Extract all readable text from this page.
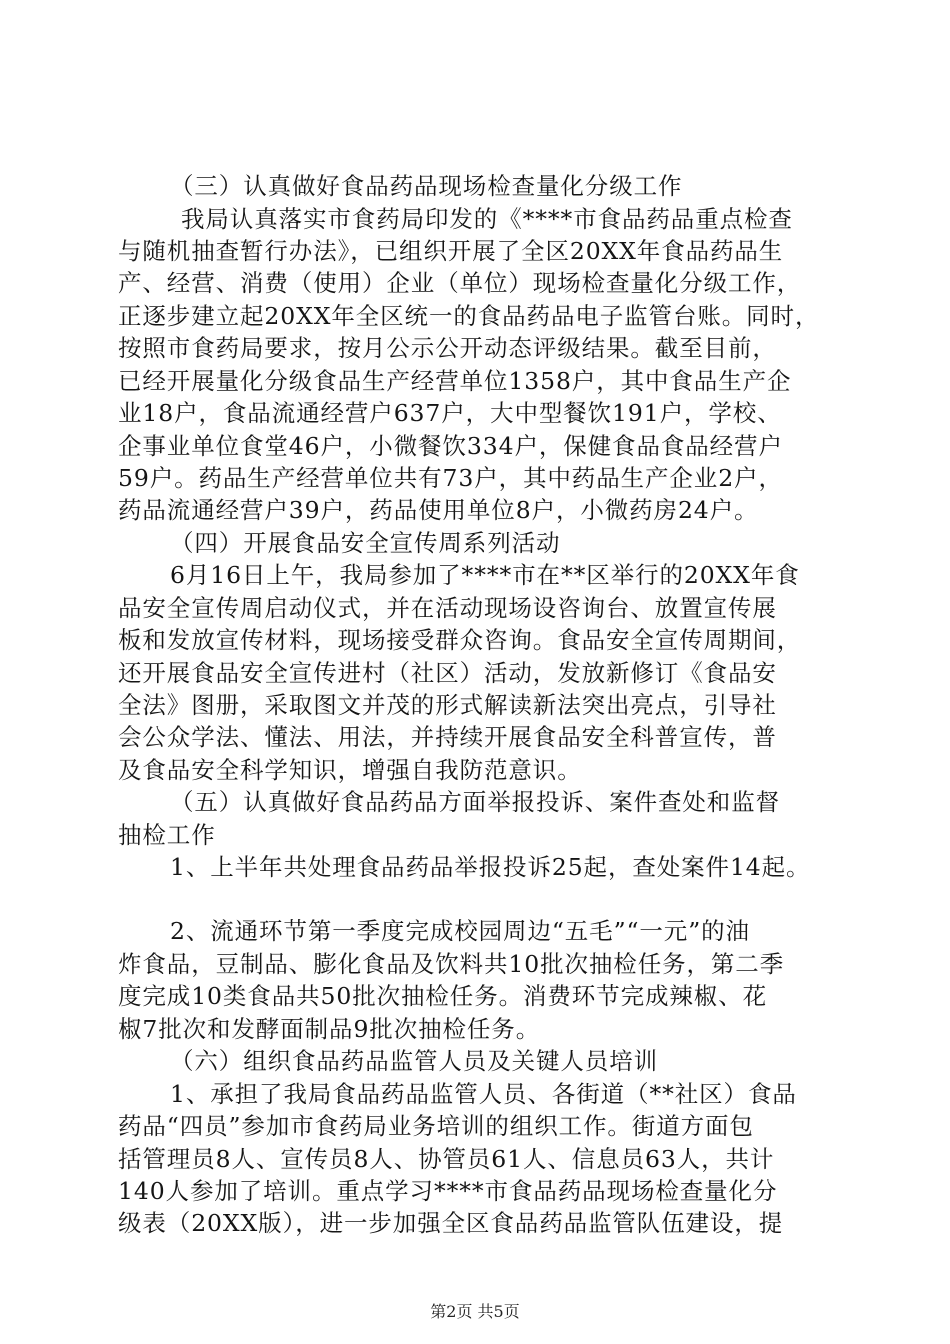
（三）认真做好食品药品现场检查量化分级工作
我局认真落实市食药局印发的《****市食品药品重点检查
与随机抽查暂行办法》，已组织开展了全区20XX年食品药品生
产、经营、消费（使用）企业（单位）现场检查量化分级工作，
正逐步建立起20XX年全区统一的食品药品电子监管台账。同时，
按照市食药局要求，按月公示公开动态评级结果。截至目前，
已经开展量化分级食品生产经营单位1358户，其中食品生产企
业18户，食品流通经营户637户，大中型餐饮191户，学校、
企事业单位食堂46户，小微餐饮334户，保健食品食品经营户
59户。药品生产经营单位共有73户，其中药品生产企业2户，
药品流通经营户39户，药品使用单位8户，小微药房24户。
（四）开展食品安全宣传周系列活动
6月16日上午，我局参加了****市在**区举行的20XX年食
品安全宣传周启动仪式，并在活动现场设咨询台、放置宣传展
板和发放宣传材料，现场接受群众咨询。食品安全宣传周期间，
还开展食品安全宣传进村（社区）活动，发放新修订《食品安
全法》图册，采取图文并茂的形式解读新法突出亮点，引导社
会公众学法、懂法、用法，并持续开展食品安全科普宣传，普
及食品安全科学知识，增强自我防范意识。
（五）认真做好食品药品方面举报投诉、案件查处和监督
抽检工作
1、上半年共处理食品药品举报投诉25起，查处案件14起。
2、流通环节第一季度完成校园周边“五毛”“一元”的油
炸食品，豆制品、膨化食品及饮料共10批次抽检任务，第二季
度完成10类食品共50批次抽检任务。消费环节完成辣椒、花
椒7批次和发酵面制品9批次抽检任务。
（六）组织食品药品监管人员及关键人员培训
1、承担了我局食品药品监管人员、各街道（**社区）食品
药品“四员”参加市食药局业务培训的组织工作。街道方面包
括管理员8人、宣传员8人、协管员61人、信息员63人，共计
140人参加了培训。重点学习****市食品药品现场检查量化分
级表（20XX版），进一步加强全区食品药品监管队伍建设，提
第2页 共5页
